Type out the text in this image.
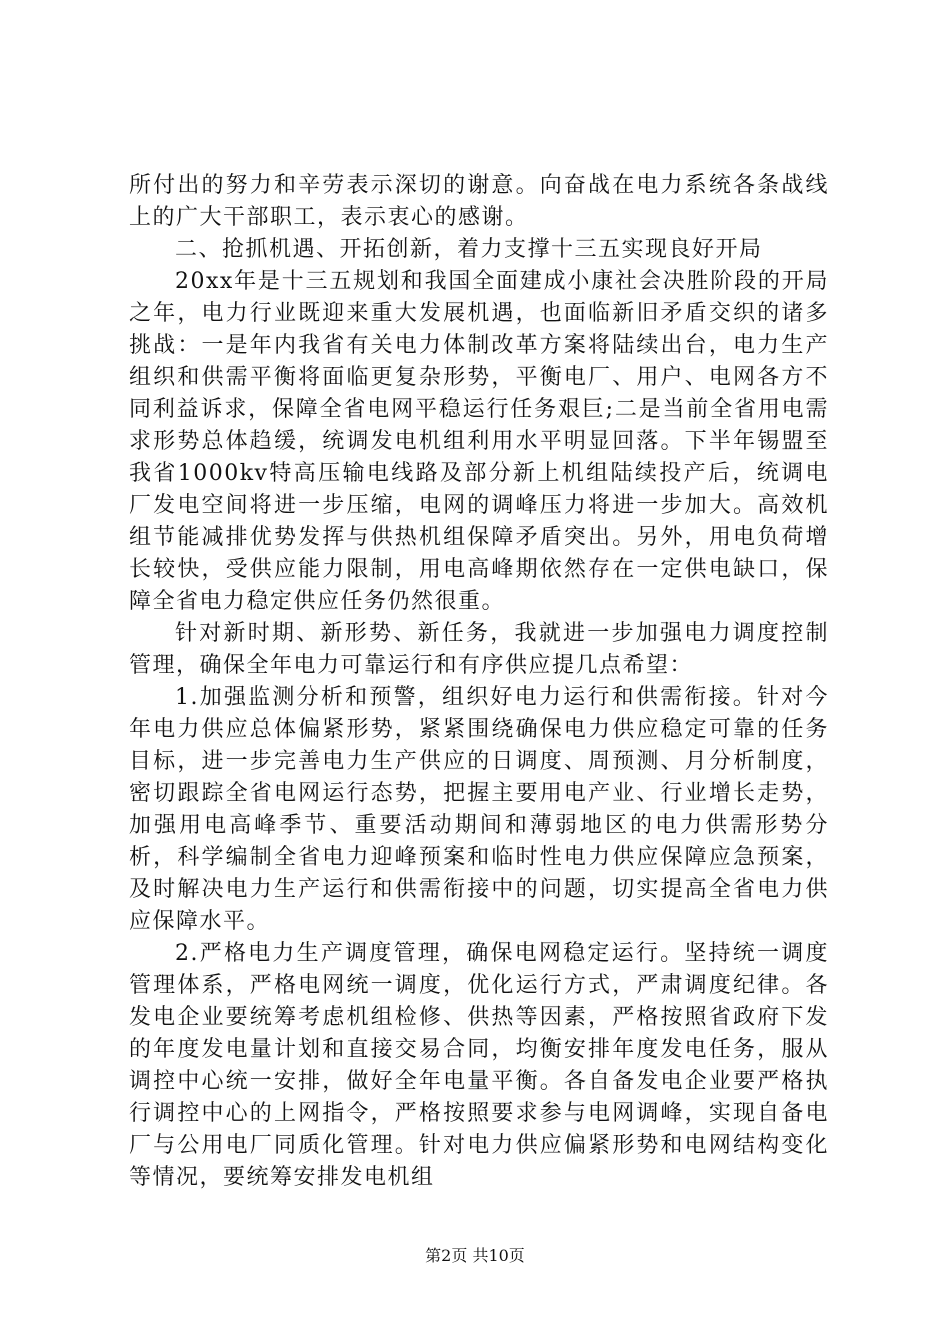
所付出的努力和辛劳表示深切的谢意。向奋战在电力系统各条战线上的广大干部职工，表示衷心的感谢。

二、抢抓机遇、开拓创新，着力支撑十三五实现良好开局

20xx年是十三五规划和我国全面建成小康社会决胜阶段的开局之年，电力行业既迎来重大发展机遇，也面临新旧矛盾交织的诸多挑战：一是年内我省有关电力体制改革方案将陆续出台，电力生产组织和供需平衡将面临更复杂形势，平衡电厂、用户、电网各方不同利益诉求，保障全省电网平稳运行任务艰巨;二是当前全省用电需求形势总体趋缓，统调发电机组利用水平明显回落。下半年锡盟至我省1000kv特高压输电线路及部分新上机组陆续投产后，统调电厂发电空间将进一步压缩，电网的调峰压力将进一步加大。高效机组节能减排优势发挥与供热机组保障矛盾突出。另外，用电负荷增长较快，受供应能力限制，用电高峰期依然存在一定供电缺口，保障全省电力稳定供应任务仍然很重。

针对新时期、新形势、新任务，我就进一步加强电力调度控制管理，确保全年电力可靠运行和有序供应提几点希望：

1.加强监测分析和预警，组织好电力运行和供需衔接。针对今年电力供应总体偏紧形势，紧紧围绕确保电力供应稳定可靠的任务目标，进一步完善电力生产供应的日调度、周预测、月分析制度，密切跟踪全省电网运行态势，把握主要用电产业、行业增长走势，加强用电高峰季节、重要活动期间和薄弱地区的电力供需形势分析，科学编制全省电力迎峰预案和临时性电力供应保障应急预案，及时解决电力生产运行和供需衔接中的问题，切实提高全省电力供应保障水平。

2.严格电力生产调度管理，确保电网稳定运行。坚持统一调度管理体系，严格电网统一调度，优化运行方式，严肃调度纪律。各发电企业要统筹考虑机组检修、供热等因素，严格按照省政府下发的年度发电量计划和直接交易合同，均衡安排年度发电任务，服从调控中心统一安排，做好全年电量平衡。各自备发电企业要严格执行调控中心的上网指令，严格按照要求参与电网调峰，实现自备电厂与公用电厂同质化管理。针对电力供应偏紧形势和电网结构变化等情况，要统筹安排发电机组

第2页 共10页
